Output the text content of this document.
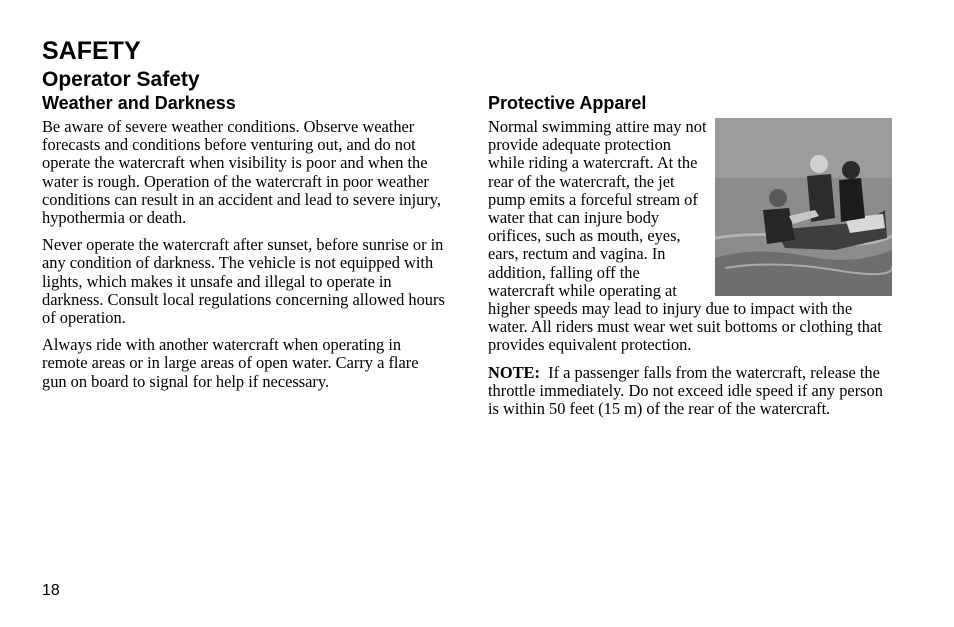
SAFETY
Operator Safety
Weather and Darkness

Be aware of severe weather conditions. Observe weather forecasts and conditions before venturing out, and do not operate the watercraft when visibility is poor and when the water is rough. Operation of the watercraft in poor weather conditions can result in an accident and lead to severe injury, hypothermia or death.

Never operate the watercraft after sunset, before sunrise or in any condition of darkness. The vehicle is not equipped with lights, which makes it unsafe and illegal to operate in darkness. Consult local regulations concerning allowed hours of operation.

Always ride with another watercraft when operating in remote areas or in large areas of open water. Carry a flare gun on board to signal for help if necessary.

Protective Apparel

Normal swimming attire may not provide adequate protection while riding a watercraft. At the rear of the watercraft, the jet pump emits a forceful stream of water that can injure body orifices, such as mouth, eyes, ears, rectum and vagina. In addition, falling off the watercraft while operating at higher speeds may lead to injury due to impact with the water. All riders must wear wet suit bottoms or clothing that provides equivalent protection.

NOTE:  If a passenger falls from the watercraft, release the throttle immediately. Do not exceed idle speed if any person is within 50 feet (15 m) of the rear of the watercraft.

18
